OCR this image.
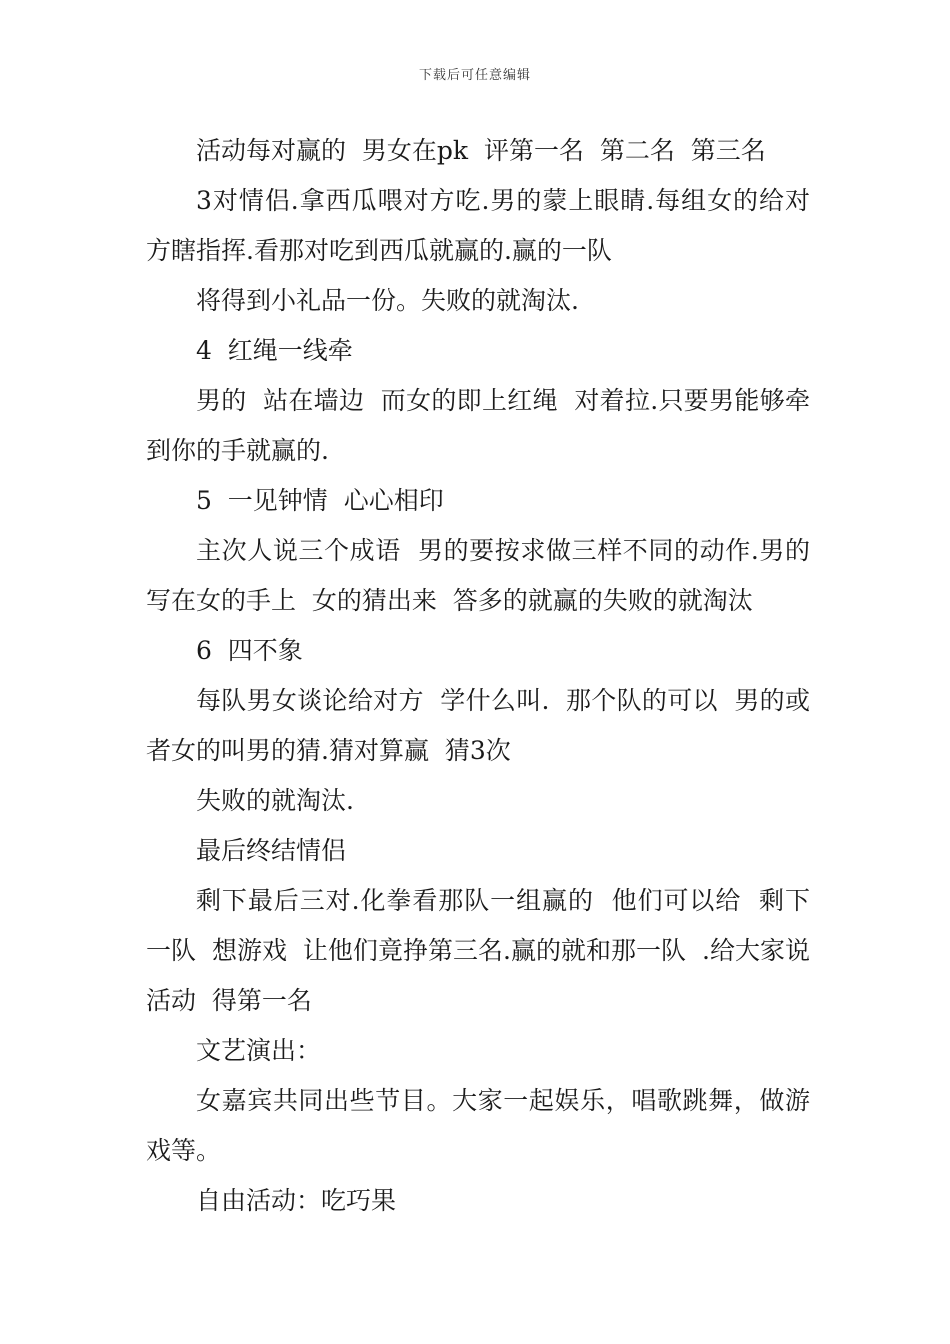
下载后可任意编辑

活动每对赢的  男女在pk  评第一名  第二名  第三名

3对情侣.拿西瓜喂对方吃.男的蒙上眼睛.每组女的给对方瞎指挥.看那对吃到西瓜就赢的.赢的一队

将得到小礼品一份。失败的就淘汰.

4  红绳一线牵

男的  站在墙边  而女的即上红绳  对着拉.只要男能够牵到你的手就赢的.

5  一见钟情  心心相印

主次人说三个成语  男的要按求做三样不同的动作.男的写在女的手上  女的猜出来  答多的就赢的失败的就淘汰

6  四不象

每队男女谈论给对方  学什么叫.  那个队的可以  男的或者女的叫男的猜.猜对算赢  猜3次

失败的就淘汰.

最后终结情侣

剩下最后三对.化拳看那队一组赢的  他们可以给  剩下一队  想游戏  让他们竟挣第三名.赢的就和那一队  .给大家说活动  得第一名

文艺演出：

女嘉宾共同出些节目。大家一起娱乐，唱歌跳舞，做游戏等。

自由活动：吃巧果
